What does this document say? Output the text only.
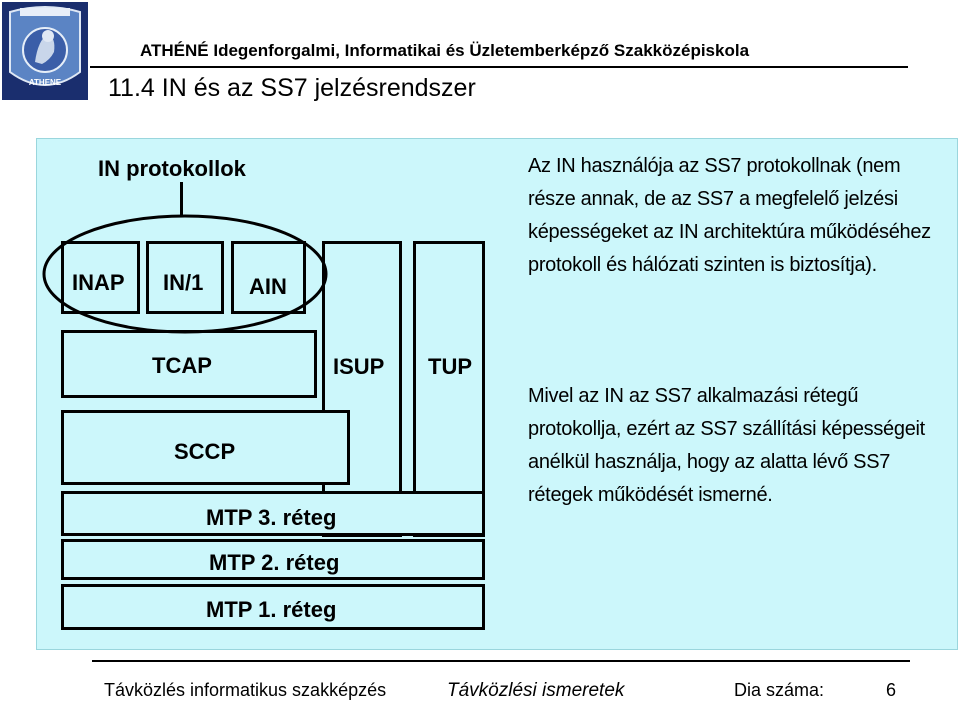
ATHENE
ATHÉNÉ Idegenforgalmi, Informatikai és Üzletemberképző Szakközépiskola
11.4 IN és az SS7 jelzésrendszer
IN protokollok
INAP IN/1 AIN
ISUP TUP
TCAP
SCCP
MTP 3. réteg
MTP 2. réteg
MTP 1. réteg
Az IN használója az SS7 protokollnak (nem része annak, de az SS7 a megfelelő jelzési képességeket az IN architektúra működéséhez protokoll és hálózati szinten is biztosítja).
Mivel az IN az SS7 alkalmazási rétegű protokollja, ezért az SS7 szállítási képességeit anélkül használja, hogy az alatta lévő SS7 rétegek működését ismerné.
Távközlés informatikus szakképzés	Távközlési ismeretek	Dia száma:	6
